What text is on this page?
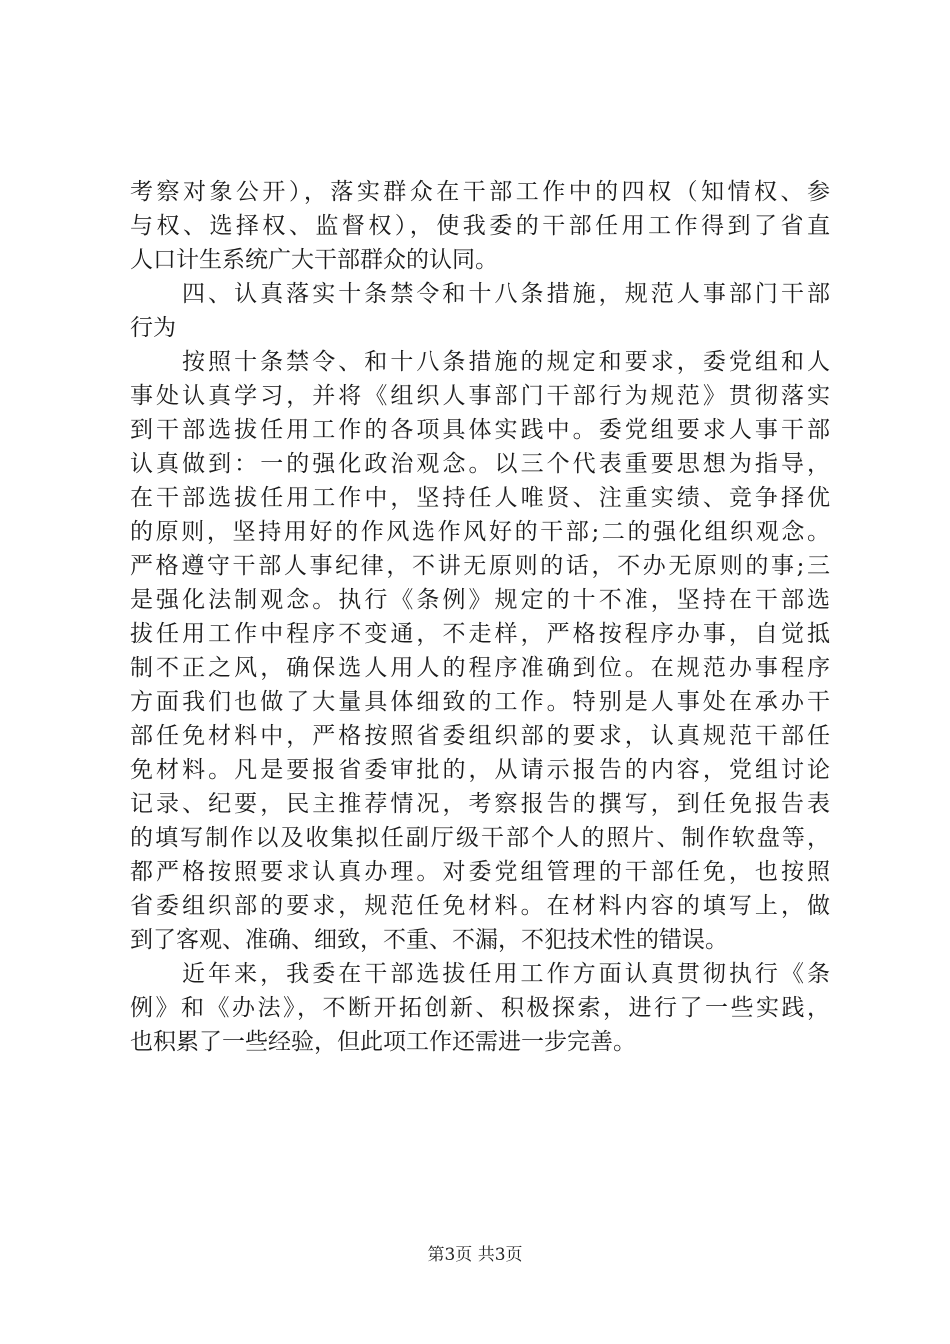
考察对象公开），落实群众在干部工作中的四权（知情权、参
与权、选择权、监督权），使我委的干部任用工作得到了省直
人口计生系统广大干部群众的认同。
四、认真落实十条禁令和十八条措施，规范人事部门干部
行为
按照十条禁令、和十八条措施的规定和要求，委党组和人
事处认真学习，并将《组织人事部门干部行为规范》贯彻落实
到干部选拔任用工作的各项具体实践中。委党组要求人事干部
认真做到：一的强化政治观念。以三个代表重要思想为指导，
在干部选拔任用工作中，坚持任人唯贤、注重实绩、竞争择优
的原则，坚持用好的作风选作风好的干部;二的强化组织观念。
严格遵守干部人事纪律，不讲无原则的话，不办无原则的事;三
是强化法制观念。执行《条例》规定的十不准，坚持在干部选
拔任用工作中程序不变通，不走样，严格按程序办事，自觉抵
制不正之风，确保选人用人的程序准确到位。在规范办事程序
方面我们也做了大量具体细致的工作。特别是人事处在承办干
部任免材料中，严格按照省委组织部的要求，认真规范干部任
免材料。凡是要报省委审批的，从请示报告的内容，党组讨论
记录、纪要，民主推荐情况，考察报告的撰写，到任免报告表
的填写制作以及收集拟任副厅级干部个人的照片、制作软盘等，
都严格按照要求认真办理。对委党组管理的干部任免，也按照
省委组织部的要求，规范任免材料。在材料内容的填写上，做
到了客观、准确、细致，不重、不漏，不犯技术性的错误。
近年来，我委在干部选拔任用工作方面认真贯彻执行《条
例》和《办法》，不断开拓创新、积极探索，进行了一些实践，
也积累了一些经验，但此项工作还需进一步完善。
第3页 共3页
